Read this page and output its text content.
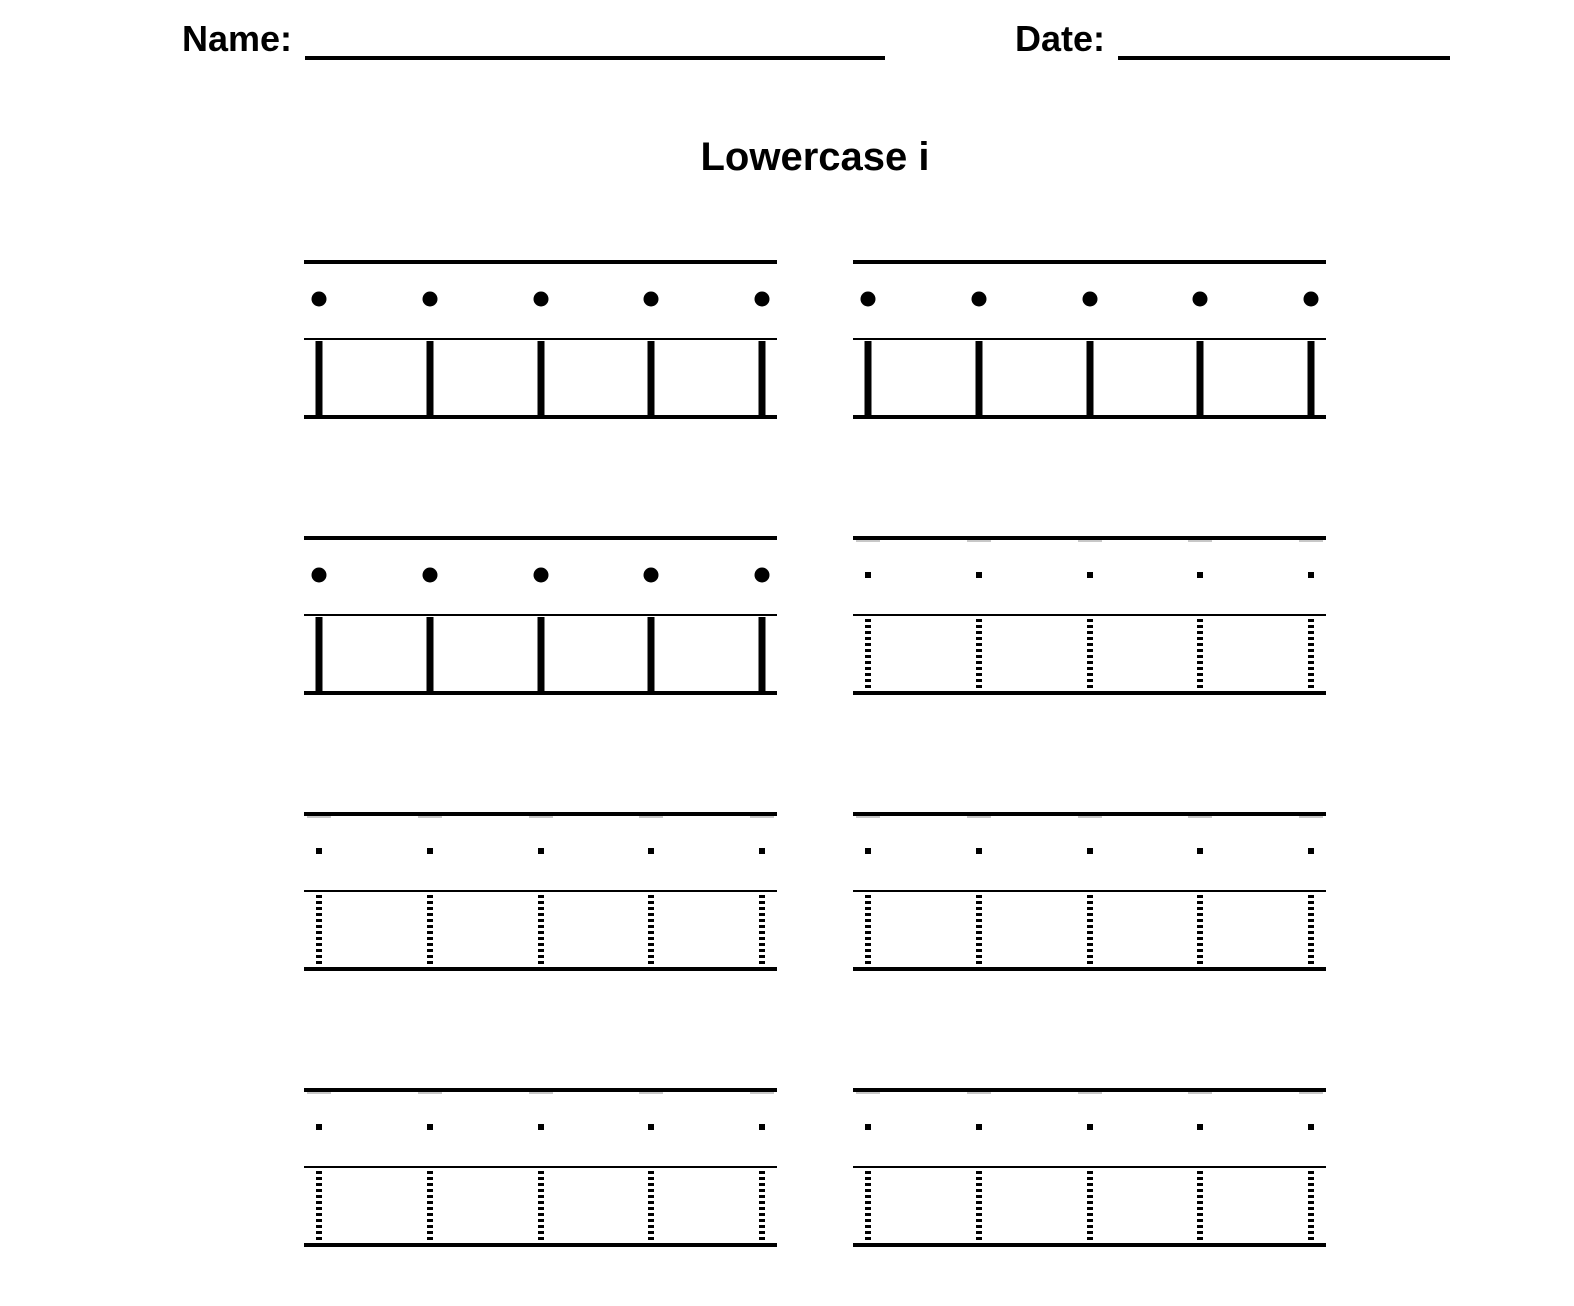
Name:	Date:
Lowercase i
